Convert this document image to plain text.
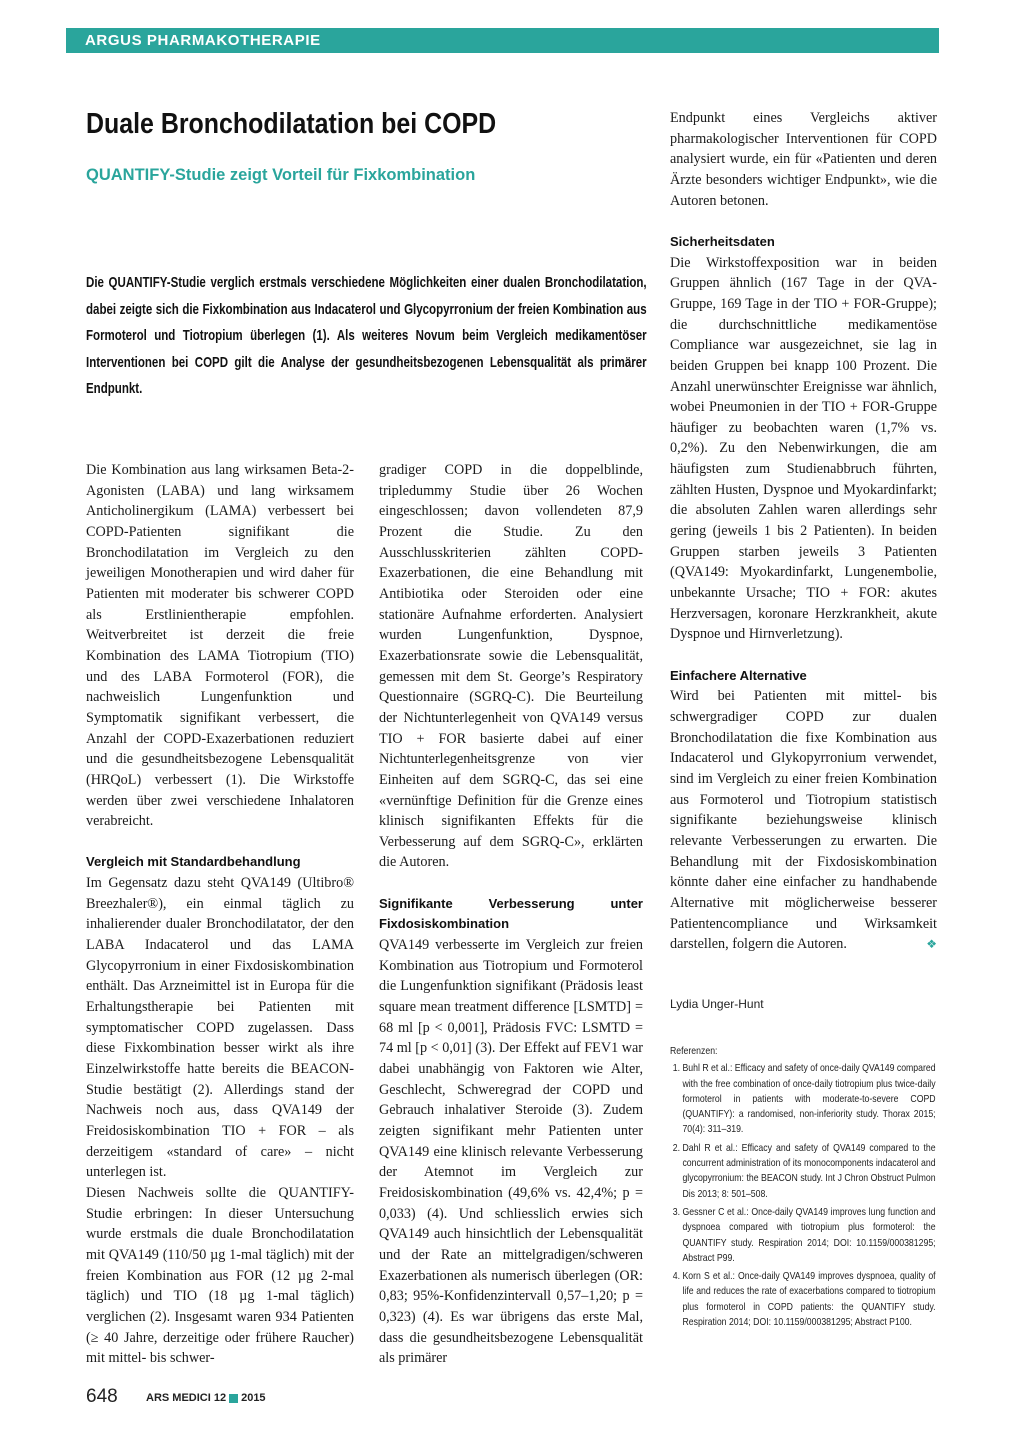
ARGUS PHARMAKOTHERAPIE
Duale Bronchodilatation bei COPD
QUANTIFY-Studie zeigt Vorteil für Fixkombination

Die QUANTIFY-Studie verglich erstmals verschiedene Möglichkeiten einer dualen Bronchodilatation, dabei zeigte sich die Fixkombination aus Indacaterol und Glycopyrronium der freien Kombination aus Formoterol und Tiotropium überlegen (1). Als weiteres Novum beim Vergleich medikamentöser Interventionen bei COPD gilt die Analyse der gesundheitsbezogenen Lebensqualität als primärer Endpunkt.

Die Kombination aus lang wirksamen Beta-2-Agonisten (LABA) und lang wirksamem Anticholinergikum (LAMA) verbessert bei COPD-Patienten signifikant die Bronchodilatation im Vergleich zu den jeweiligen Monotherapien und wird daher für Patienten mit moderater bis schwerer COPD als Erstlinientherapie empfohlen. Weitverbreitet ist derzeit die freie Kombination des LAMA Tiotropium (TIO) und des LABA Formoterol (FOR), die nachweislich Lungenfunktion und Symptomatik signifikant verbessert, die Anzahl der COPD-Exazerbationen reduziert und die gesundheitsbezogene Lebensqualität (HRQoL) verbessert (1). Die Wirkstoffe werden über zwei verschiedene Inhalatoren verabreicht.

Vergleich mit Standardbehandlung

Im Gegensatz dazu steht QVA149 (Ultibro® Breezhaler®), ein einmal täglich zu inhalierender dualer Bronchodilatator, der den LABA Indacaterol und das LAMA Glycopyrronium in einer Fixdosiskombination enthält. Das Arzneimittel ist in Europa für die Erhaltungstherapie bei Patienten mit symptomatischer COPD zugelassen. Dass diese Fixkombination besser wirkt als ihre Einzelwirkstoffe hatte bereits die BEACON-Studie bestätigt (2). Allerdings stand der Nachweis noch aus, dass QVA149 der Freidosiskombination TIO + FOR – als derzeitigem «standard of care» – nicht unterlegen ist.

Diesen Nachweis sollte die QUANTIFY-Studie erbringen: In dieser Untersuchung wurde erstmals die duale Bronchodilatation mit QVA149 (110/50 µg 1-mal täglich) mit der freien Kombination aus FOR (12 µg 2-mal täglich) und TIO (18 µg 1-mal täglich) verglichen (2). Insgesamt waren 934 Patienten (≥ 40 Jahre, derzeitige oder frühere Raucher) mit mittel- bis schwer-

gradiger COPD in die doppelblinde, tripledummy Studie über 26 Wochen eingeschlossen; davon vollendeten 87,9 Prozent die Studie. Zu den Ausschlusskriterien zählten COPD-Exazerbationen, die eine Behandlung mit Antibiotika oder Steroiden oder eine stationäre Aufnahme erforderten. Analysiert wurden Lungenfunktion, Dyspnoe, Exazerbationsrate sowie die Lebensqualität, gemessen mit dem St. George’s Respiratory Questionnaire (SGRQ-C). Die Beurteilung der Nichtunterlegenheit von QVA149 versus TIO + FOR basierte dabei auf einer Nichtunterlegenheitsgrenze von vier Einheiten auf dem SGRQ-C, das sei eine «vernünftige Definition für die Grenze eines klinisch signifikanten Effekts für die Verbesserung auf dem SGRQ-C», erklärten die Autoren.

Signifikante Verbesserung unter Fixdosiskombination

QVA149 verbesserte im Vergleich zur freien Kombination aus Tiotropium und Formoterol die Lungenfunktion signifikant (Prädosis least square mean treatment difference [LSMTD] = 68 ml [p < 0,001], Prädosis FVC: LSMTD = 74 ml [p < 0,01] (3). Der Effekt auf FEV1 war dabei unabhängig von Faktoren wie Alter, Geschlecht, Schweregrad der COPD und Gebrauch inhalativer Steroide (3). Zudem zeigten signifikant mehr Patienten unter QVA149 eine klinisch relevante Verbesserung der Atemnot im Vergleich zur Freidosiskombination (49,6% vs. 42,4%; p = 0,033) (4). Und schliesslich erwies sich QVA149 auch hinsichtlich der Lebensqualität und der Rate an mittelgradigen/schweren Exazerbationen als numerisch überlegen (OR: 0,83; 95%-Konfidenzintervall 0,57–1,20; p = 0,323) (4). Es war übrigens das erste Mal, dass die gesundheitsbezogene Lebensqualität als primärer

Endpunkt eines Vergleichs aktiver pharmakologischer Interventionen für COPD analysiert wurde, ein für «Patienten und deren Ärzte besonders wichtiger Endpunkt», wie die Autoren betonen.

Sicherheitsdaten

Die Wirkstoffexposition war in beiden Gruppen ähnlich (167 Tage in der QVA-Gruppe, 169 Tage in der TIO + FOR-Gruppe); die durchschnittliche medikamentöse Compliance war ausgezeichnet, sie lag in beiden Gruppen bei knapp 100 Prozent. Die Anzahl unerwünschter Ereignisse war ähnlich, wobei Pneumonien in der TIO + FOR-Gruppe häufiger zu beobachten waren (1,7% vs. 0,2%). Zu den Nebenwirkungen, die am häufigsten zum Studienabbruch führten, zählten Husten, Dyspnoe und Myokardinfarkt; die absoluten Zahlen waren allerdings sehr gering (jeweils 1 bis 2 Patienten). In beiden Gruppen starben jeweils 3 Patienten (QVA149: Myokardinfarkt, Lungenembolie, unbekannte Ursache; TIO + FOR: akutes Herzversagen, koronare Herzkrankheit, akute Dyspnoe und Hirnverletzung).

Einfachere Alternative

Wird bei Patienten mit mittel- bis schwergradiger COPD zur dualen Bronchodilatation die fixe Kombination aus Indacaterol und Glykopyrronium verwendet, sind im Vergleich zu einer freien Kombination aus Formoterol und Tiotropium statistisch signifikante beziehungsweise klinisch relevante Verbesserungen zu erwarten. Die Behandlung mit der Fixdosiskombination könnte daher eine einfacher zu handhabende Alternative mit möglicherweise besserer Patientencompliance und Wirksamkeit darstellen, folgern die Autoren.	❖

Lydia Unger-Hunt

Referenzen:

1. Buhl R et al.: Efficacy and safety of once-daily QVA149 compared with the free combination of once-daily tiotropium plus twice-daily formoterol in patients with moderate-to-severe COPD (QUANTIFY): a randomised, non-inferiority study. Thorax 2015; 70(4): 311–319.
2. Dahl R et al.: Efficacy and safety of QVA149 compared to the concurrent administration of its monocomponents indacaterol and glycopyrronium: the BEACON study. Int J Chron Obstruct Pulmon Dis 2013; 8: 501–508.
3. Gessner C et al.: Once-daily QVA149 improves lung function and dyspnoea compared with tiotropium plus formoterol: the QUANTIFY study. Respiration 2014; DOI: 10.1159/000381295; Abstract P99.
4. Korn S et al.: Once-daily QVA149 improves dyspnoea, quality of life and reduces the rate of exacerbations compared to tiotropium plus formoterol in COPD patients: the QUANTIFY study. Respiration 2014; DOI: 10.1159/000381295; Abstract P100.
648	ARS MEDICI 12 2015
